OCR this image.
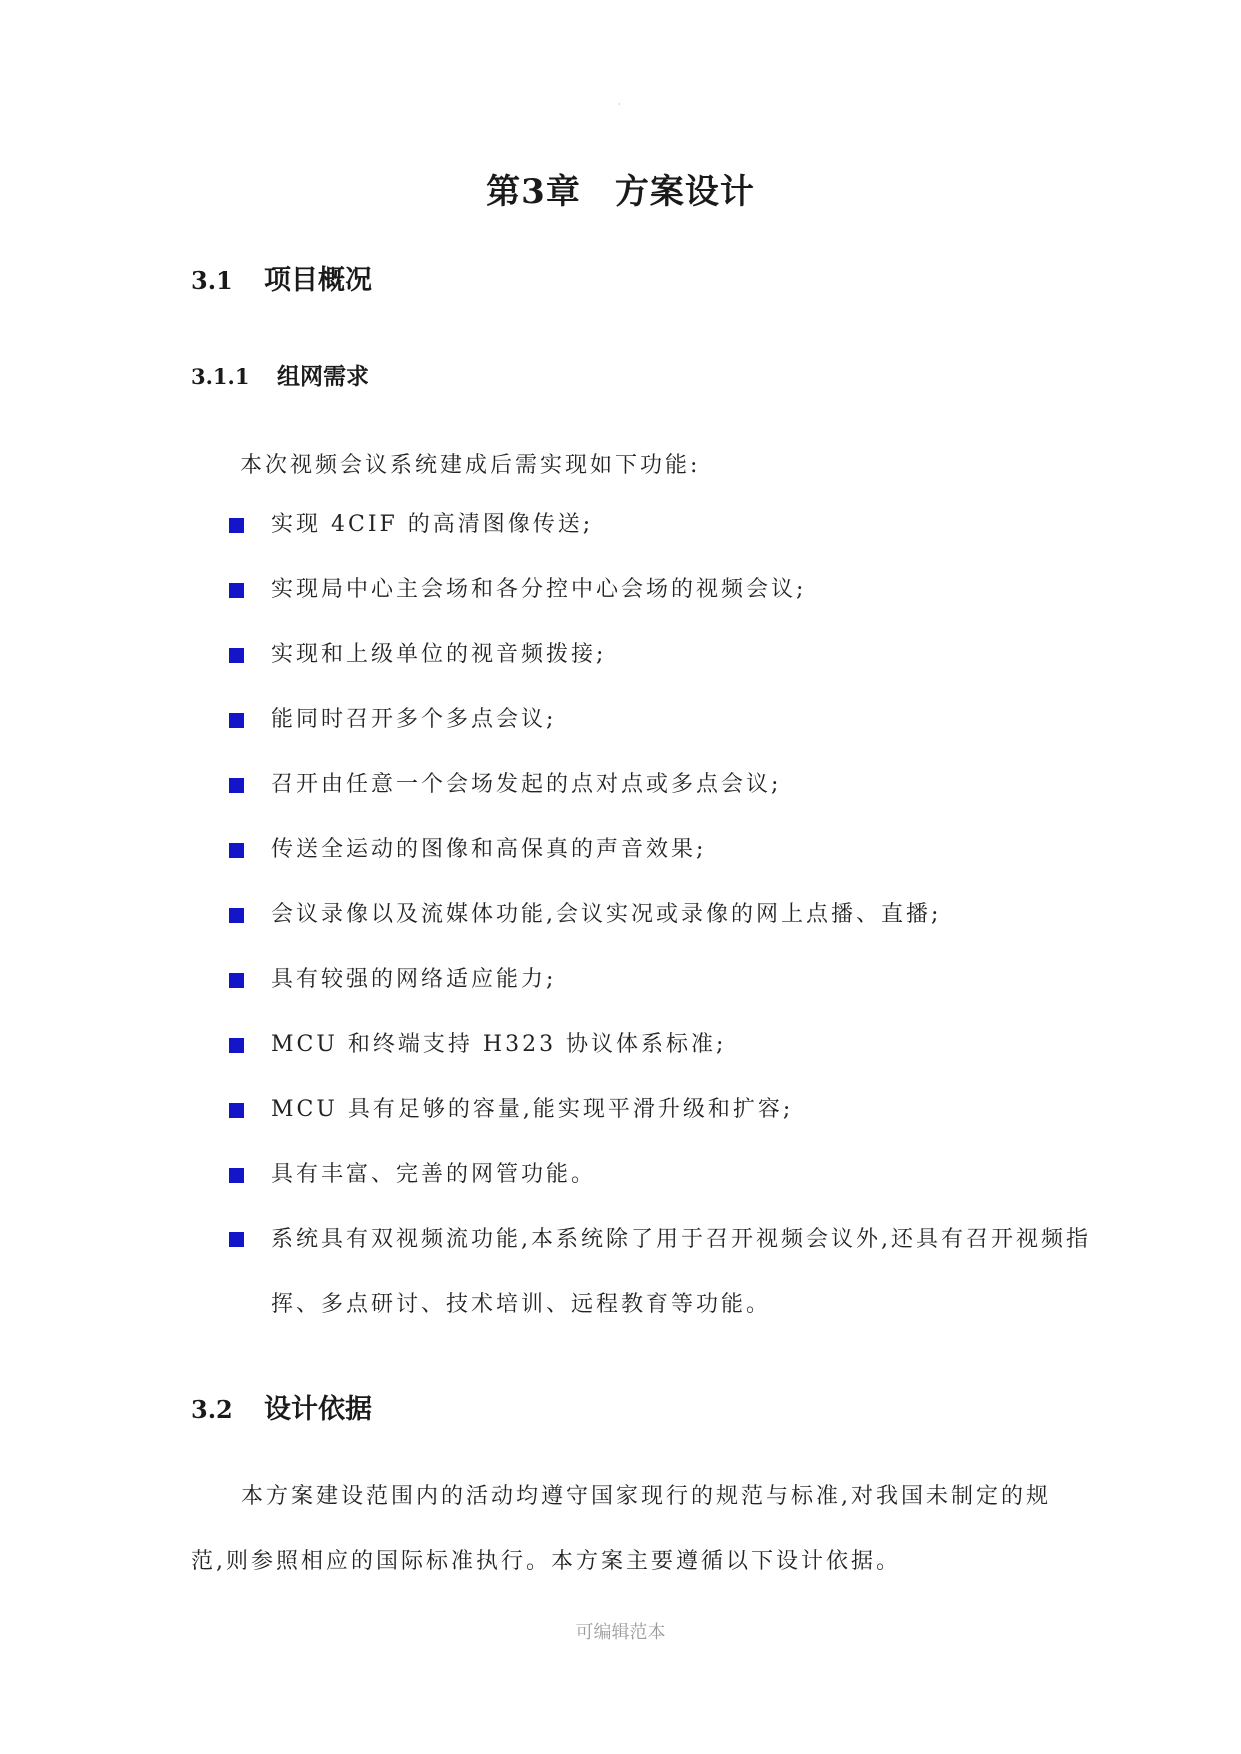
·
第3章 方案设计
3.1 项目概况
3.1.1 组网需求
本次视频会议系统建成后需实现如下功能:
实现 4CIF 的高清图像传送;
实现局中心主会场和各分控中心会场的视频会议;
实现和上级单位的视音频拨接;
能同时召开多个多点会议;
召开由任意一个会场发起的点对点或多点会议;
传送全运动的图像和高保真的声音效果;
会议录像以及流媒体功能,会议实况或录像的网上点播、直播;
具有较强的网络适应能力;
MCU 和终端支持 H323 协议体系标准;
MCU 具有足够的容量,能实现平滑升级和扩容;
具有丰富、完善的网管功能。
系统具有双视频流功能,本系统除了用于召开视频会议外,还具有召开视频指挥、多点研讨、技术培训、远程教育等功能。
3.2 设计依据

本方案建设范围内的活动均遵守国家现行的规范与标准,对我国未制定的规范,则参照相应的国际标准执行。本方案主要遵循以下设计依据。

可编辑范本
